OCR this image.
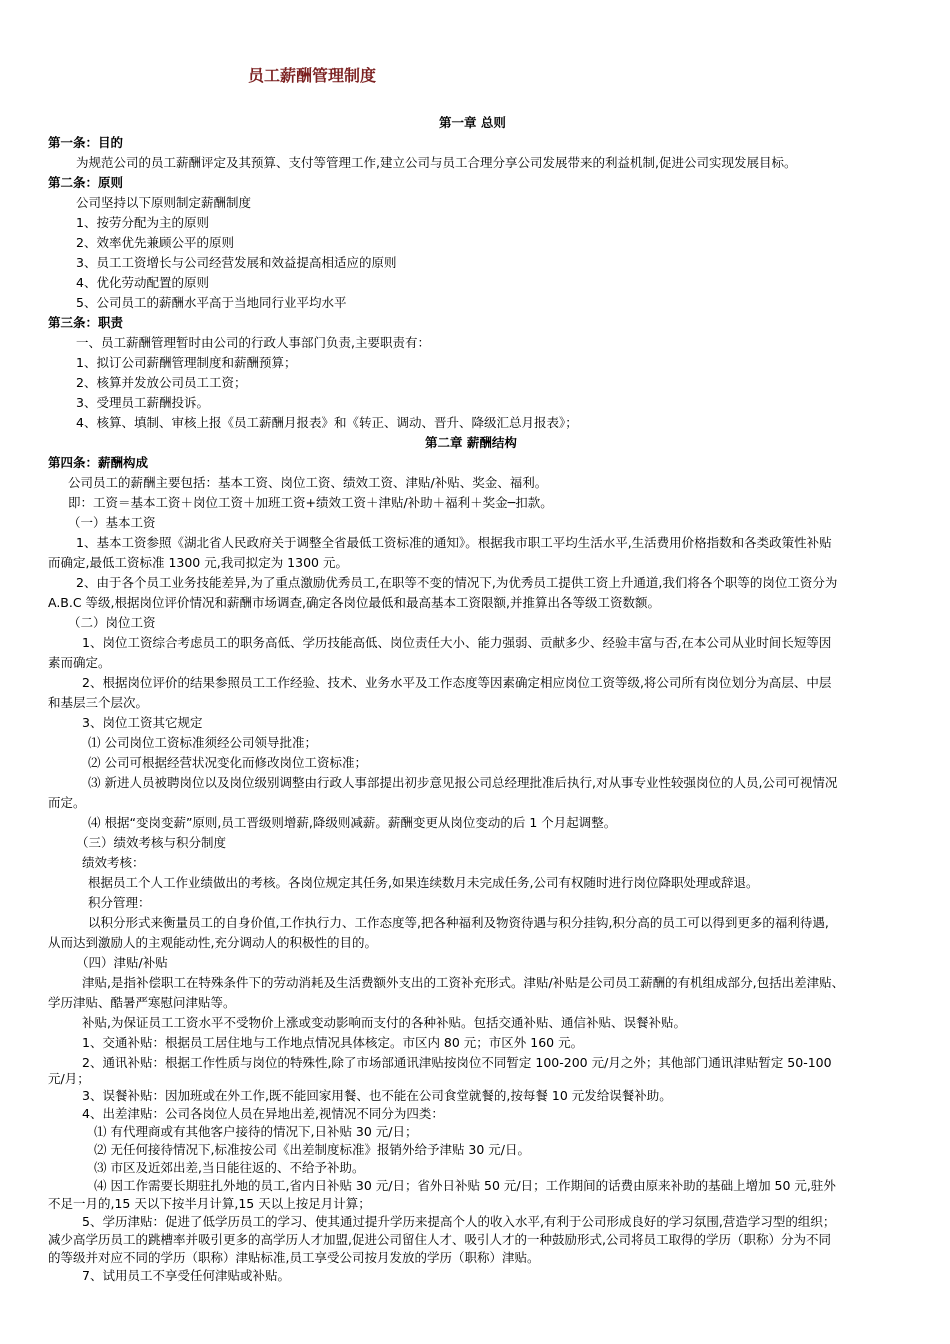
员工薪酬管理制度
第一章 总则
第一条：目的
为规范公司的员工薪酬评定及其预算、支付等管理工作,建立公司与员工合理分享公司发展带来的利益机制,促进公司实现发展目标。
第二条：原则
公司坚持以下原则制定薪酬制度
1、按劳分配为主的原则
2、效率优先兼顾公平的原则
3、员工工资增长与公司经营发展和效益提高相适应的原则
4、优化劳动配置的原则
5、公司员工的薪酬水平高于当地同行业平均水平
第三条：职责
一、员工薪酬管理暂时由公司的行政人事部门负责,主要职责有：
1、拟订公司薪酬管理制度和薪酬预算；
2、核算并发放公司员工工资；
3、受理员工薪酬投诉。
4、核算、填制、审核上报《员工薪酬月报表》和《转正、调动、晋升、降级汇总月报表》；
第二章 薪酬结构
第四条：薪酬构成
公司员工的薪酬主要包括：基本工资、岗位工资、绩效工资、津贴/补贴、奖金、福利。
即：工资＝基本工资＋岗位工资＋加班工资+绩效工资＋津贴/补助＋福利＋奖金─扣款。
（一）基本工资
1、基本工资参照《湖北省人民政府关于调整全省最低工资标准的通知》。根据我市职工平均生活水平,生活费用价格指数和各类政策性补贴
而确定,最低工资标准 1300 元,我司拟定为 1300 元。
2、由于各个员工业务技能差异,为了重点激励优秀员工,在职等不变的情况下,为优秀员工提供工资上升通道,我们将各个职等的岗位工资分为
A.B.C 等级,根据岗位评价情况和薪酬市场调查,确定各岗位最低和最高基本工资限额,并推算出各等级工资数额。
（二）岗位工资
1、岗位工资综合考虑员工的职务高低、学历技能高低、岗位责任大小、能力强弱、贡献多少、经验丰富与否,在本公司从业时间长短等因
素而确定。
2、根据岗位评价的结果参照员工工作经验、技术、业务水平及工作态度等因素确定相应岗位工资等级,将公司所有岗位划分为高层、中层
和基层三个层次。
3、岗位工资其它规定
⑴ 公司岗位工资标准须经公司领导批准；
⑵ 公司可根据经营状况变化而修改岗位工资标准；
⑶ 新进人员被聘岗位以及岗位级别调整由行政人事部提出初步意见报公司总经理批准后执行,对从事专业性较强岗位的人员,公司可视情况
而定。
⑷ 根据“变岗变薪”原则,员工晋级则增薪,降级则减薪。薪酬变更从岗位变动的后 1 个月起调整。
（三）绩效考核与积分制度
绩效考核：
根据员工个人工作业绩做出的考核。各岗位规定其任务,如果连续数月未完成任务,公司有权随时进行岗位降职处理或辞退。
积分管理：
以积分形式来衡量员工的自身价值,工作执行力、工作态度等,把各种福利及物资待遇与积分挂钩,积分高的员工可以得到更多的福利待遇,
从而达到激励人的主观能动性,充分调动人的积极性的目的。
（四）津贴/补贴
津贴,是指补偿职工在特殊条件下的劳动消耗及生活费额外支出的工资补充形式。津贴/补贴是公司员工薪酬的有机组成部分,包括出差津贴、
学历津贴、酷暑严寒慰问津贴等。
补贴,为保证员工工资水平不受物价上涨或变动影响而支付的各种补贴。包括交通补贴、通信补贴、误餐补贴。
1、交通补贴：根据员工居住地与工作地点情况具体核定。市区内 80 元；市区外 160 元。
2、通讯补贴：根据工作性质与岗位的特殊性,除了市场部通讯津贴按岗位不同暂定 100-200 元/月之外；其他部门通讯津贴暂定 50-100
元/月；
3、误餐补贴：因加班或在外工作,既不能回家用餐、也不能在公司食堂就餐的,按每餐 10 元发给误餐补助。
4、出差津贴：公司各岗位人员在异地出差,视情况不同分为四类：
⑴ 有代理商或有其他客户接待的情况下,日补贴 30 元/日；
⑵ 无任何接待情况下,标准按公司《出差制度标准》报销外给予津贴 30 元/日。
⑶ 市区及近郊出差,当日能往返的、不给予补助。
⑷ 因工作需要长期驻扎外地的员工,省内日补贴 30 元/日；省外日补贴 50 元/日；工作期间的话费由原来补助的基础上增加 50 元,驻外
不足一月的,15 天以下按半月计算,15 天以上按足月计算；
5、学历津贴：促进了低学历员工的学习、使其通过提升学历来提高个人的收入水平,有利于公司形成良好的学习氛围,营造学习型的组织；
减少高学历员工的跳槽率并吸引更多的高学历人才加盟,促进公司留住人才、吸引人才的一种鼓励形式,公司将员工取得的学历（职称）分为不同
的等级并对应不同的学历（职称）津贴标准,员工享受公司按月发放的学历（职称）津贴。
7、试用员工不享受任何津贴或补贴。
